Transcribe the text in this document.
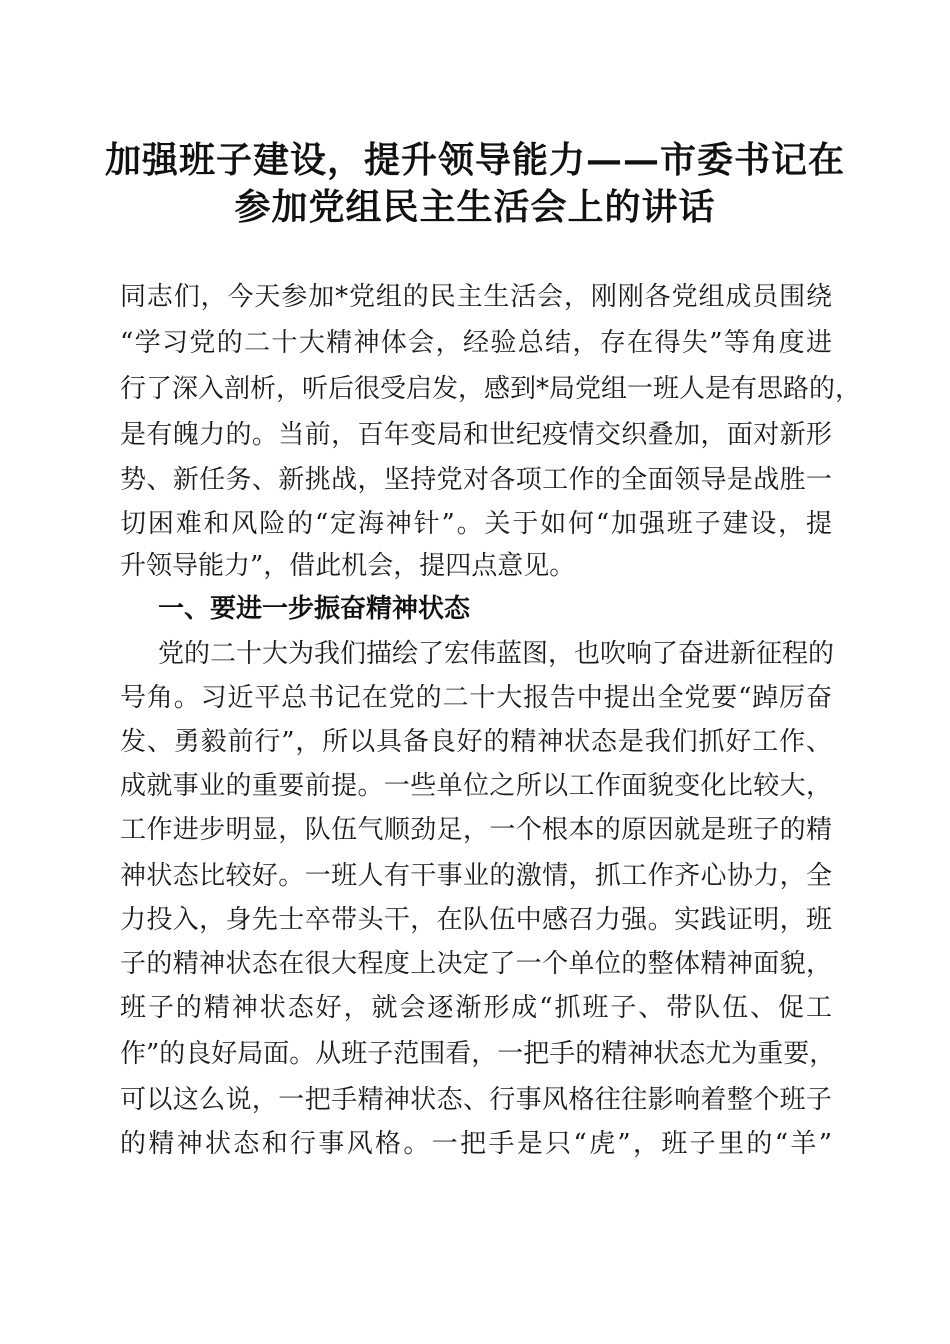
加强班子建设，提升领导能力——市委书记在
参加党组民主生活会上的讲话
同志们，今天参加*党组的民主生活会，刚刚各党组成员围绕
“学习党的二十大精神体会，经验总结，存在得失”等角度进
行了深入剖析，听后很受启发，感到*局党组一班人是有思路的，
是有魄力的。当前，百年变局和世纪疫情交织叠加，面对新形
势、新任务、新挑战，坚持党对各项工作的全面领导是战胜一
切困难和风险的“定海神针”。关于如何“加强班子建设，提
升领导能力”，借此机会，提四点意见。
一、要进一步振奋精神状态
党的二十大为我们描绘了宏伟蓝图，也吹响了奋进新征程的
号角。习近平总书记在党的二十大报告中提出全党要“踔厉奋
发、勇毅前行”，所以具备良好的精神状态是我们抓好工作、
成就事业的重要前提。一些单位之所以工作面貌变化比较大，
工作进步明显，队伍气顺劲足，一个根本的原因就是班子的精
神状态比较好。一班人有干事业的激情，抓工作齐心协力，全
力投入，身先士卒带头干，在队伍中感召力强。实践证明，班
子的精神状态在很大程度上决定了一个单位的整体精神面貌，
班子的精神状态好，就会逐渐形成“抓班子、带队伍、促工
作”的良好局面。从班子范围看，一把手的精神状态尤为重要，
可以这么说，一把手精神状态、行事风格往往影响着整个班子
的精神状态和行事风格。一把手是只“虎”，班子里的“羊”
